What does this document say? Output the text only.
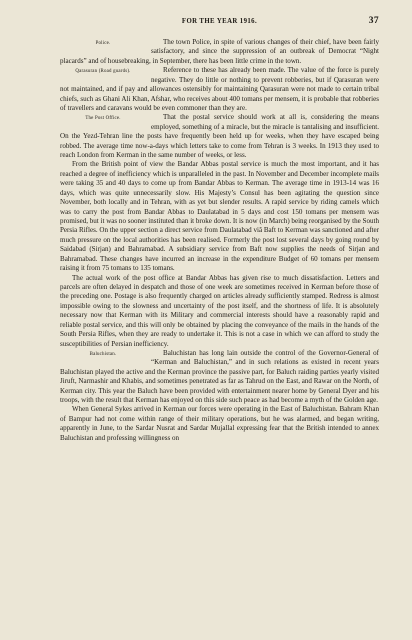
FOR THE YEAR 1916.	37

Police.	The town Police, in spite of various changes of their chief, have been fairly satisfactory, and since the suppression of an outbreak of Democrat “Night placards” and of housebreaking, in September, there has been little crime in the town.

Qarasuran (Road guards).	Reference to these has already been made. The value of the force is purely negative. They do little or nothing to prevent robberies, but if Qarasuran were not maintained, and if pay and allowances ostensibly for maintaining Qarasuran were not made to certain tribal chiefs, such as Ghani Ali Khan, Afshar, who receives about 400 tomans per mensem, it is probable that robberies of travellers and caravans would be even commoner than they are.

The Post Office.	That the postal service should work at all is, considering the means employed, something of a miracle, but the miracle is tantalising and insufficient. On the Yezd-Tehran line the posts have frequently been held up for weeks, when they have escaped being robbed. The average time now-a-days which letters take to come from Tehran is 3 weeks. In 1913 they used to reach London from Kerman in the same number of weeks, or less.

From the British point of view the Bandar Abbas postal service is much the most important, and it has reached a degree of inefficiency which is unparalleled in the past. In November and December incomplete mails were taking 35 and 40 days to come up from Bandar Abbas to Kerman. The average time in 1913-14 was 16 days, which was quite unnecessarily slow. His Majesty’s Consul has been agitating the question since November, both locally and in Tehran, with as yet but slender results. A rapid service by riding camels which was to carry the post from Bandar Abbas to Daulatabad in 5 days and cost 150 tomans per mensem was promised, but it was no sooner instituted than it broke down. It is now (in March) being reorganised by the South Persia Rifles. On the upper section a direct service from Daulatabad viâ Baft to Kerman was sanctioned and after much pressure on the local authorities has been realised. Formerly the post lost several days by going round by Saidabad (Sirjan) and Bahramabad. A subsidiary service from Baft now supplies the needs of Sirjan and Bahramabad. These changes have incurred an increase in the expenditure Budget of 60 tomans per mensem raising it from 75 tomans to 135 tomans.

The actual work of the post office at Bandar Abbas has given rise to much dissatisfaction. Letters and parcels are often delayed in despatch and those of one week are sometimes received in Kerman before those of the preceding one. Postage is also frequently charged on articles already sufficiently stamped. Redress is almost impossible owing to the slowness and uncertainty of the post itself, and the shortness of life. It is absolutely necessary now that Kerman with its Military and commercial interests should have a reasonably rapid and reliable postal service, and this will only be obtained by placing the conveyance of the mails in the hands of the South Persia Rifles, when they are ready to undertake it. This is not a case in which we can afford to study the susceptibilities of Persian inefficiency.

Baluchistan.	Baluchistan has long lain outside the control of the Governor-General of “Kerman and Baluchistan,” and in such relations as existed in recent years Baluchistan played the active and the Kerman province the passive part, for Baluch raiding parties yearly visited Jiruft, Narmashir and Khabis, and sometimes penetrated as far as Tahrud on the East, and Rawar on the North, of Kerman city. This year the Baluch have been provided with entertainment nearer home by General Dyer and his troops, with the result that Kerman has enjoyed on this side such peace as had become a myth of the Golden age.

When General Sykes arrived in Kerman our forces were operating in the East of Baluchistan. Bahram Khan of Bampur had not come within range of their military operations, but he was alarmed, and began writing, apparently in June, to the Sardar Nusrat and Sardar Mujallal expressing fear that the British intended to annex Baluchistan and professing willingness on
